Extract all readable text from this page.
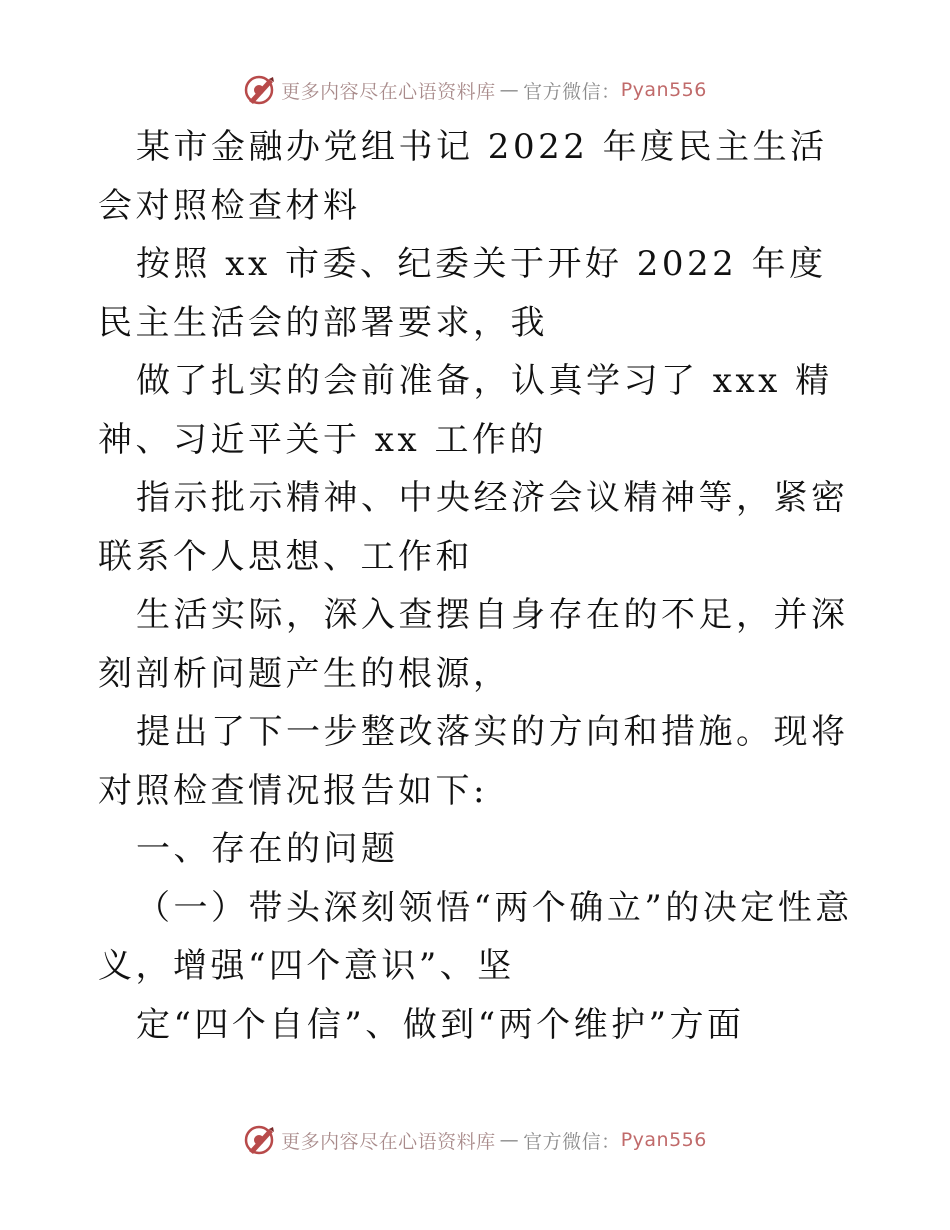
更多内容尽在心语资料库 — 官方微信： Pyan556

某市金融办党组书记 2022 年度民主生活会对照检查材料

按照 xx 市委、纪委关于开好 2022 年度民主生活会的部署要求，我

做了扎实的会前准备，认真学习了 xxx 精神、习近平关于 xx 工作的

指示批示精神、中央经济会议精神等，紧密联系个人思想、工作和

生活实际，深入查摆自身存在的不足，并深刻剖析问题产生的根源，

提出了下一步整改落实的方向和措施。现将对照检查情况报告如下:

一、存在的问题

（一）带头深刻领悟“两个确立”的决定性意义，增强“四个意识”、坚

定“四个自信”、做到“两个维护”方面

更多内容尽在心语资料库 — 官方微信： Pyan556
